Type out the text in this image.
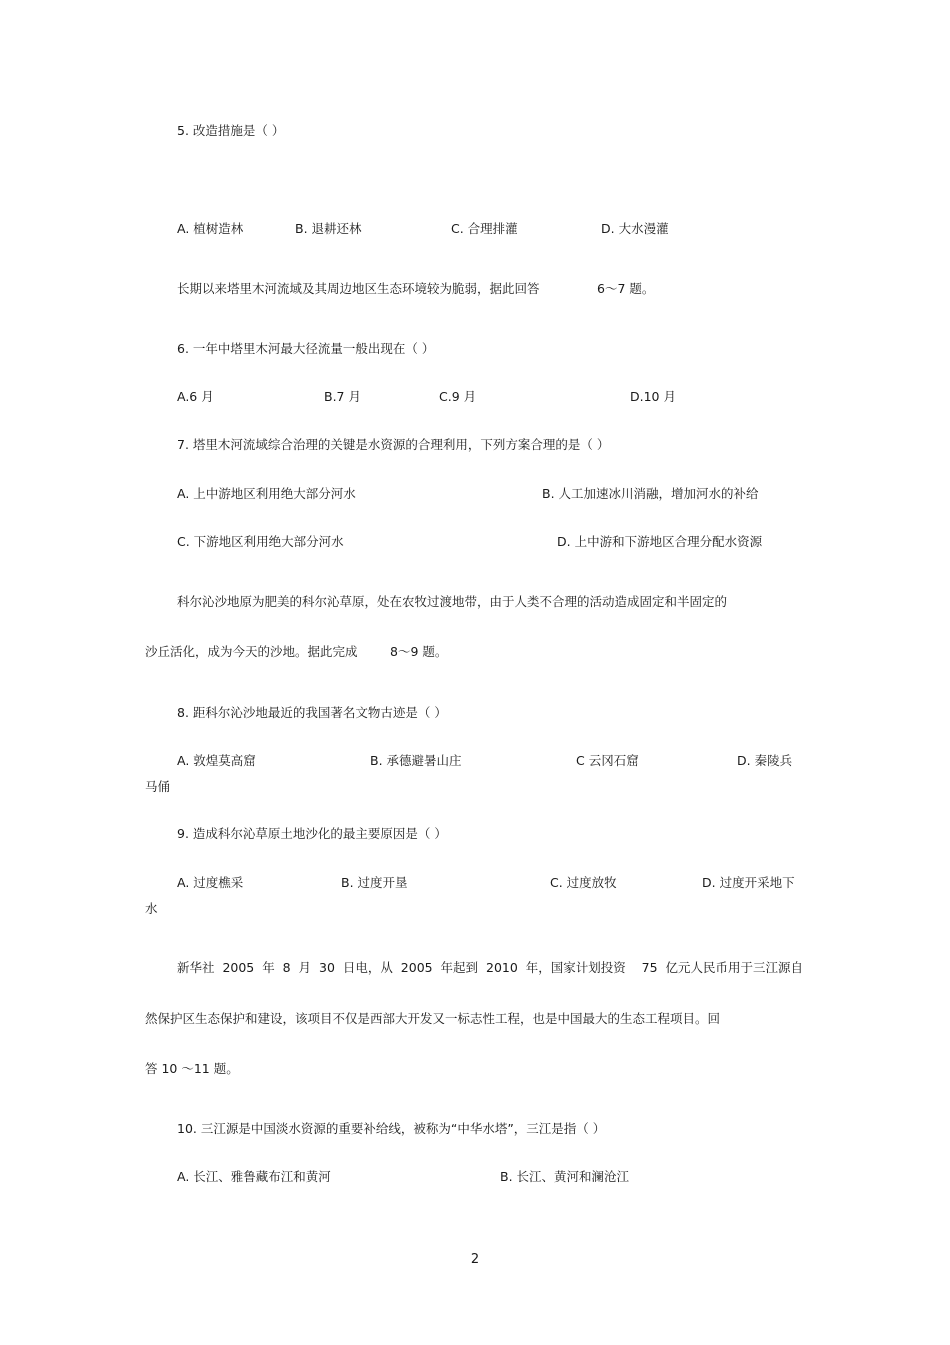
5. 改造措施是（ ）
A. 植树造林	B. 退耕还林	C. 合理排灌	D. 大水漫灌
长期以来塔里木河流域及其周边地区生态环境较为脆弱，据此回答	6～7 题。
6. 一年中塔里木河最大径流量一般出现在（ ）
A.6 月	B.7 月	C.9 月	D.10 月
7. 塔里木河流域综合治理的关键是水资源的合理利用，下列方案合理的是（ ）
A. 上中游地区利用绝大部分河水	B. 人工加速冰川消融，增加河水的补给
C. 下游地区利用绝大部分河水	D. 上中游和下游地区合理分配水资源
科尔沁沙地原为肥美的科尔沁草原，处在农牧过渡地带，由于人类不合理的活动造成固定和半固定的
沙丘活化，成为今天的沙地。据此完成	8～9 题。
8. 距科尔沁沙地最近的我国著名文物古迹是（ ）
A. 敦煌莫高窟	B. 承德避暑山庄	C 云冈石窟	D. 秦陵兵
马俑
9. 造成科尔沁草原土地沙化的最主要原因是（ ）
A. 过度樵采	B. 过度开垦	C. 过度放牧	D. 过度开采地下
水
新华社  2005  年  8  月  30  日电，从  2005  年起到  2010  年，国家计划投资    75  亿元人民币用于三江源自
然保护区生态保护和建设，该项目不仅是西部大开发又一标志性工程，也是中国最大的生态工程项目。回
答 10 ～11 题。
10. 三江源是中国淡水资源的重要补给线，被称为“中华水塔”，三江是指（ ）
A. 长江、雅鲁藏布江和黄河	B. 长江、黄河和澜沧江
2
